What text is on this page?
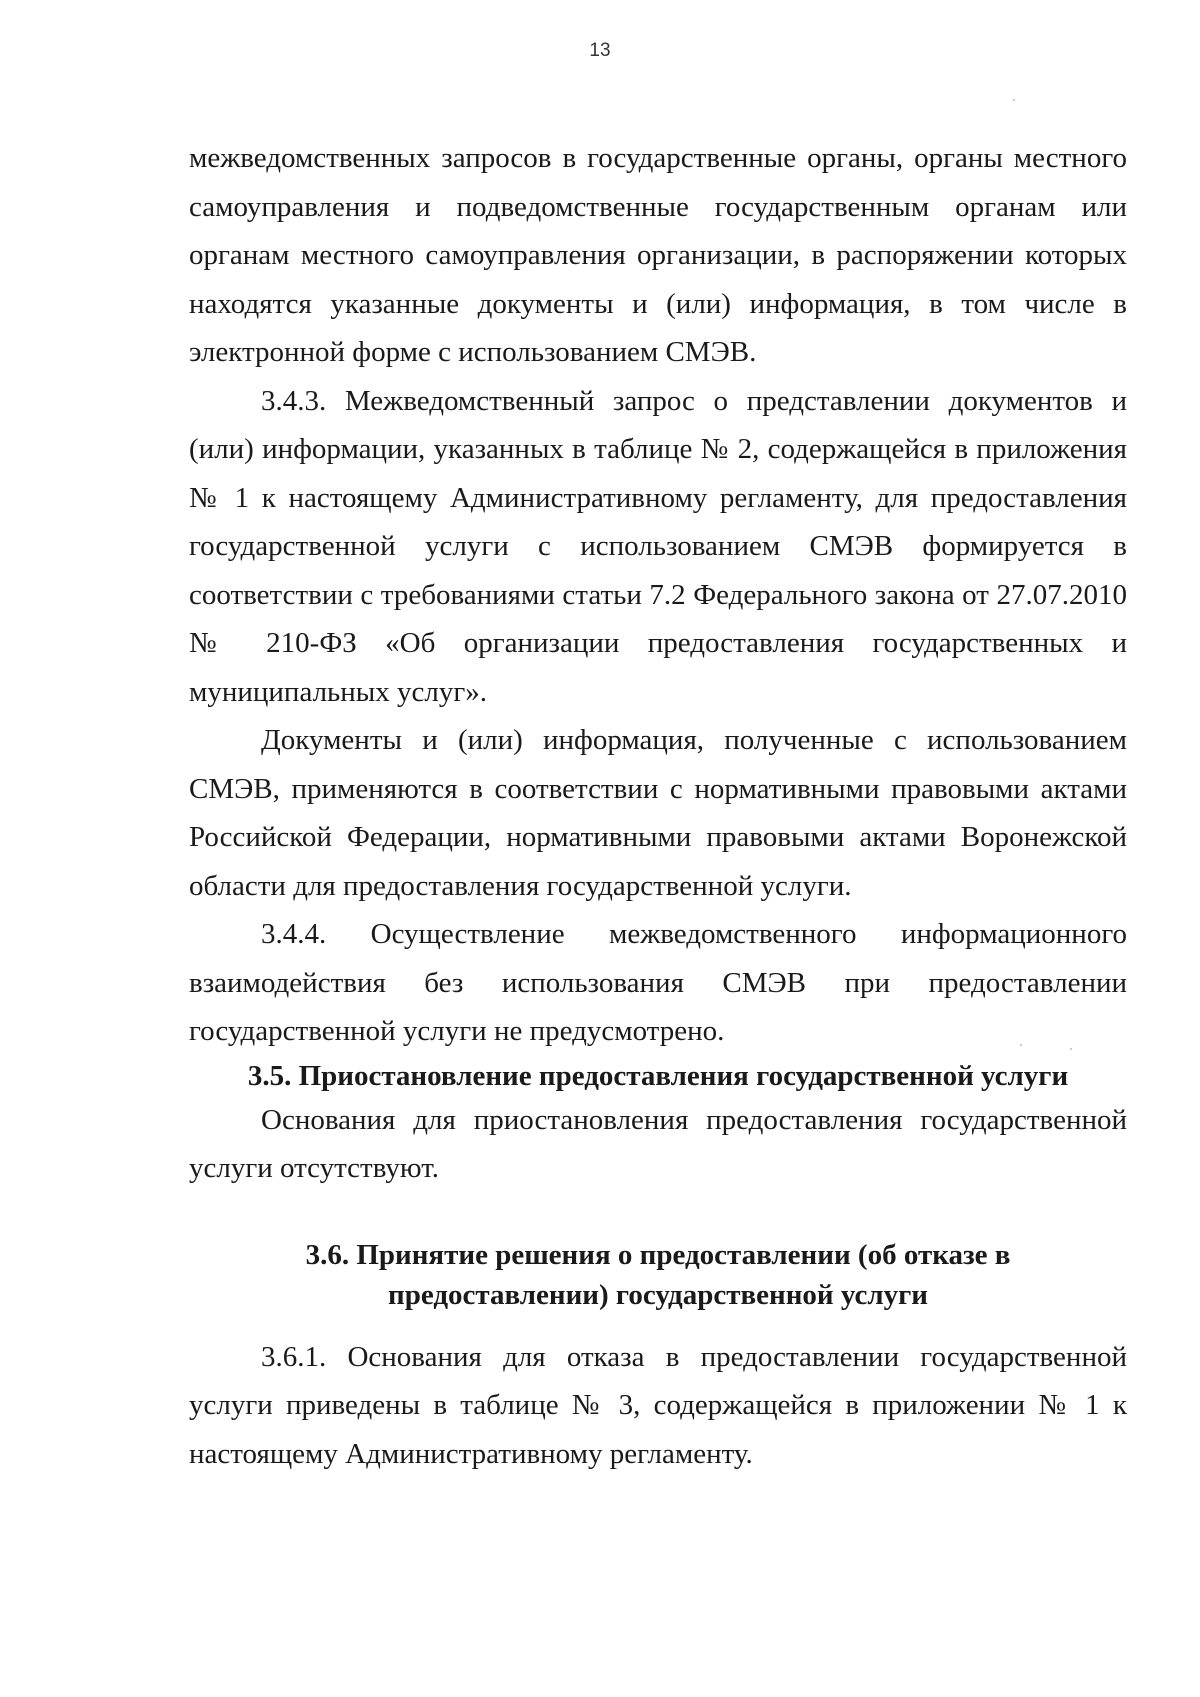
13

межведомственных запросов в государственные органы, органы местного самоуправления и подведомственные государственным органам или органам местного самоуправления организации, в распоряжении которых находятся указанные документы и (или) информация, в том числе в электронной форме с использованием СМЭВ.

3.4.3. Межведомственный запрос о представлении документов и (или) информации, указанных в таблице № 2, содержащейся в приложения № 1 к настоящему Административному регламенту, для предоставления государственной услуги с использованием СМЭВ формируется в соответствии с требованиями статьи 7.2 Федерального закона от 27.07.2010 № 210-ФЗ «Об организации предоставления государственных и муниципальных услуг».

Документы и (или) информация, полученные с использованием СМЭВ, применяются в соответствии с нормативными правовыми актами Российской Федерации, нормативными правовыми актами Воронежской области для предоставления государственной услуги.

3.4.4. Осуществление межведомственного информационного взаимодействия без использования СМЭВ при предоставлении государственной услуги не предусмотрено.

3.5. Приостановление предоставления государственной услуги

Основания для приостановления предоставления государственной услуги отсутствуют.

3.6. Принятие решения о предоставлении (об отказе в
предоставлении) государственной услуги

3.6.1. Основания для отказа в предоставлении государственной услуги приведены в таблице № 3, содержащейся в приложении № 1 к настоящему Административному регламенту.
